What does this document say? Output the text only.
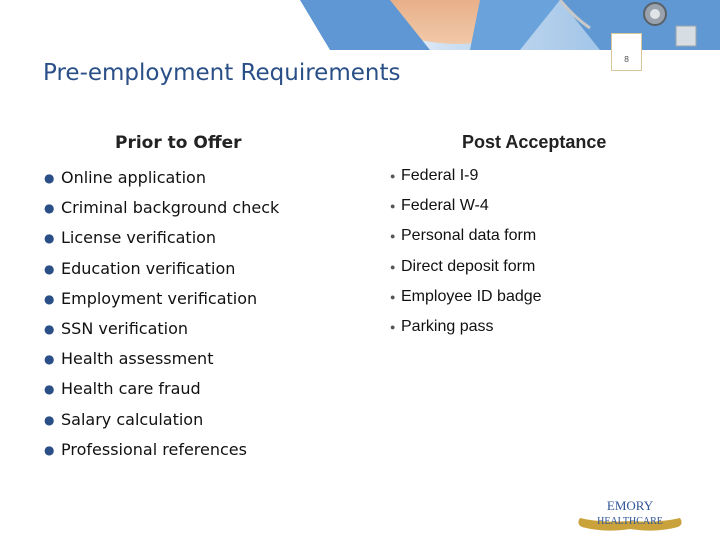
8
Pre-employment Requirements
Prior to Offer	Post Acceptance
● Online application
● Criminal background check
● License verification
● Education verification
● Employment verification
● SSN verification
● Health assessment
● Health care fraud
● Salary calculation
● Professional references
● Federal I-9
● Federal W-4
● Personal data form
● Direct deposit form
● Employee ID badge
● Parking pass
EMORY
HEALTHCARE
